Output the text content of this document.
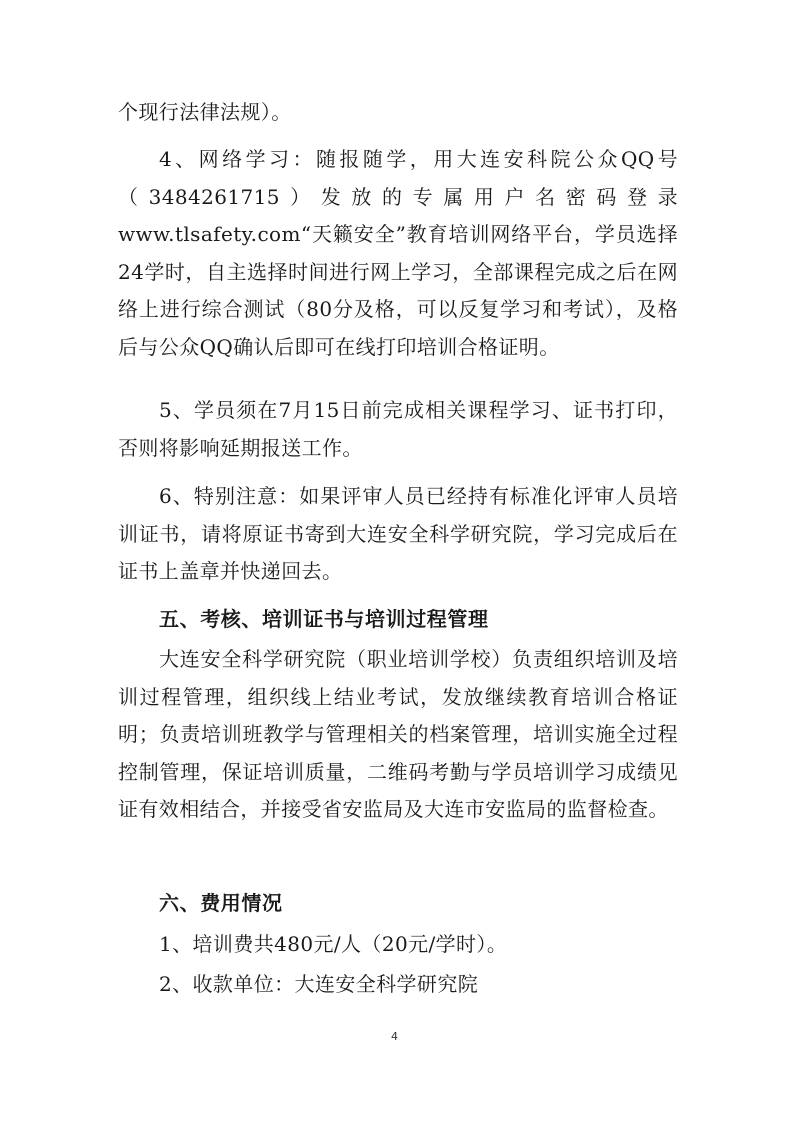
个现行法律法规）。

4、网络学习：随报随学，用大连安科院公众QQ号（3484261715）发放的专属用户名密码登录www.tlsafety.com“天籁安全”教育培训网络平台，学员选择24学时，自主选择时间进行网上学习，全部课程完成之后在网络上进行综合测试（80分及格，可以反复学习和考试），及格后与公众QQ确认后即可在线打印培训合格证明。

5、学员须在7月15日前完成相关课程学习、证书打印，否则将影响延期报送工作。

6、特别注意：如果评审人员已经持有标准化评审人员培训证书，请将原证书寄到大连安全科学研究院，学习完成后在证书上盖章并快递回去。

五、考核、培训证书与培训过程管理

大连安全科学研究院（职业培训学校）负责组织培训及培训过程管理，组织线上结业考试，发放继续教育培训合格证明；负责培训班教学与管理相关的档案管理，培训实施全过程控制管理，保证培训质量，二维码考勤与学员培训学习成绩见证有效相结合，并接受省安监局及大连市安监局的监督检查。

六、费用情况

1、培训费共480元/人（20元/学时）。

2、收款单位：大连安全科学研究院

4
